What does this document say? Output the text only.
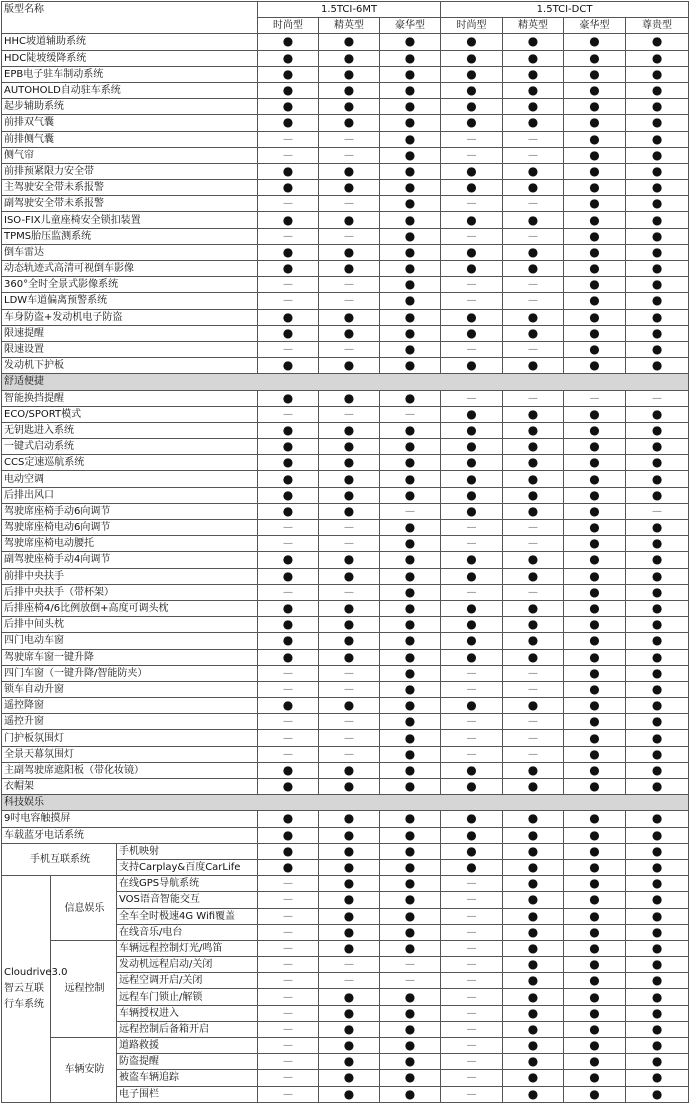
版型名称			1.5TCI-6MT			1.5TCI-DCT			
			时尚型	精英型	豪华型	时尚型	精英型	豪华型	尊贵型
HHC坡道辅助系统			●	●	●	●	●	●	●
HDC陡坡缓降系统			●	●	●	●	●	●	●
EPB电子驻车制动系统			●	●	●	●	●	●	●
AUTOHOLD自动驻车系统			●	●	●	●	●	●	●
起步辅助系统			●	●	●	●	●	●	●
前排双气囊			●	●	●	●	●	●	●
前排侧气囊			—	—	●	—	—	●	●
侧气帘			—	—	●	—	—	●	●
前排预紧限力安全带			●	●	●	●	●	●	●
主驾驶安全带未系报警			●	●	●	●	●	●	●
副驾驶安全带未系报警			—	—	●	—	—	●	●
ISO-FIX儿童座椅安全锁扣装置			●	●	●	●	●	●	●
TPMS胎压监测系统			—	—	●	—	—	●	●
倒车雷达			●	●	●	●	●	●	●
动态轨迹式高清可视倒车影像			●	●	●	●	●	●	●
360°全时全景式影像系统			—	—	●	—	—	●	●
LDW车道偏离预警系统			—	—	●	—	—	●	●
车身防盗+发动机电子防盗			●	●	●	●	●	●	●
限速提醒			●	●	●	●	●	●	●
限速设置			—	—	●	—	—	●	●
发动机下护板			●	●	●	●	●	●	●
舒适便捷									
智能换挡提醒			●	●	●	—	—	—	—
ECO/SPORT模式			—	—	—	●	●	●	●
无钥匙进入系统			●	●	●	●	●	●	●
一键式启动系统			●	●	●	●	●	●	●
CCS定速巡航系统			●	●	●	●	●	●	●
电动空调			●	●	●	●	●	●	●
后排出风口			●	●	●	●	●	●	●
驾驶席座椅手动6向调节			●	●	—	●	●	●	—
驾驶席座椅电动6向调节			—	—	●	—	—	●	●
驾驶席座椅电动腰托			—	—	●	—	—	●	●
副驾驶座椅手动4向调节			●	●	●	●	●	●	●
前排中央扶手			●	●	●	●	●	●	●
后排中央扶手（带杯架）			—	—	●	—	—	●	●
后排座椅4/6比例放倒+高度可调头枕			●	●	●	●	●	●	●
后排中间头枕			●	●	●	●	●	●	●
四门电动车窗			●	●	●	●	●	●	●
驾驶席车窗一键升降			●	●	●	●	●	●	●
四门车窗（一键升降/智能防夹）			—	—	●	—	—	●	●
锁车自动升窗			—	—	●	—	—	●	●
遥控降窗			●	●	●	●	●	●	●
遥控升窗			—	—	●	—	—	●	●
门护板氛围灯			—	—	●	—	—	●	●
全景天幕氛围灯			—	—	●	—	—	●	●
主副驾驶席遮阳板（带化妆镜）			●	●	●	●	●	●	●
衣帽架			●	●	●	●	●	●	●
科技娱乐									
9吋电容触摸屏			●	●	●	●	●	●	●
车载蓝牙电话系统			●	●	●	●	●	●	●
手机互联系统		手机映射	●	●	●	●	●	●	●
		支持Carplay&百度CarLife	●	●	●	●	●	●	●
Cloudrive3.0智云互联行车系统	信息娱乐	在线GPS导航系统	—	●	●	—	●	●	●
		VOS语音智能交互	—	●	●	—	●	●	●
		全车全时极速4G Wifi覆盖	—	●	●	—	●	●	●
		在线音乐/电台	—	●	●	—	●	●	●
	远程控制	车辆远程控制灯光/鸣笛	—	●	●	—	●	●	●
		发动机远程启动/关闭	—	—	—	—	●	●	●
		远程空调开启/关闭	—	—	—	—	●	●	●
		远程车门锁止/解锁	—	●	●	—	●	●	●
		车辆授权进入	—	●	●	—	●	●	●
		远程控制后备箱开启	—	●	●	—	●	●	●
	车辆安防	道路救援	—	●	●	—	●	●	●
		防盗提醒	—	●	●	—	●	●	●
		被盗车辆追踪	—	●	●	—	●	●	●
		电子围栏	—	●	●	—	●	●	●
